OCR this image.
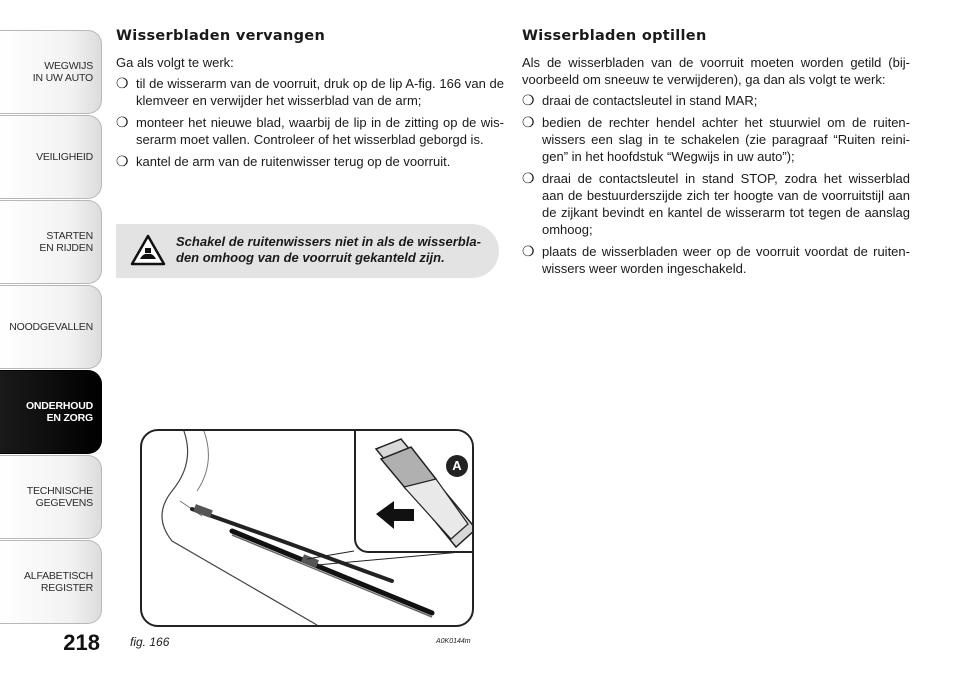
WEGWIJS
IN UW AUTO
VEILIGHEID
STARTEN
EN RIJDEN
NOODGEVALLEN
ONDERHOUD
EN ZORG
TECHNISCHE
GEGEVENS
ALFABETISCH
REGISTER
218
Wisserbladen vervangen

Ga als volgt te werk:

❍ til de wisserarm van de voorruit, druk op de lip A-fig. 166 van de klemveer en verwijder het wisserblad van de arm;
❍ monteer het nieuwe blad, waarbij de lip in de zitting op de wisserarm moet vallen. Controleer of het wisserblad geborgd is.
❍ kantel de arm van de ruitenwisser terug op de voorruit.
Schakel de ruitenwissers niet in als de wisserbladen omhoog van de voorruit gekanteld zijn.
Wisserbladen optillen

Als de wisserbladen van de voorruit moeten worden getild (bijvoorbeeld om sneeuw te verwijderen), ga dan als volgt te werk:

❍ draai de contactsleutel in stand MAR;
❍ bedien de rechter hendel achter het stuurwiel om de ruitenwissers een slag in te schakelen (zie paragraaf “Ruiten reinigen” in het hoofdstuk “Wegwijs in uw auto”);
❍ draai de contactsleutel in stand STOP, zodra het wisserblad aan de bestuurderszijde zich ter hoogte van de voorruitstijl aan de zijkant bevindt en kantel de wisserarm tot tegen de aanslag omhoog;
❍ plaats de wisserbladen weer op de voorruit voordat de ruitenwissers weer worden ingeschakeld.
A
fig. 166	A0K0144m
